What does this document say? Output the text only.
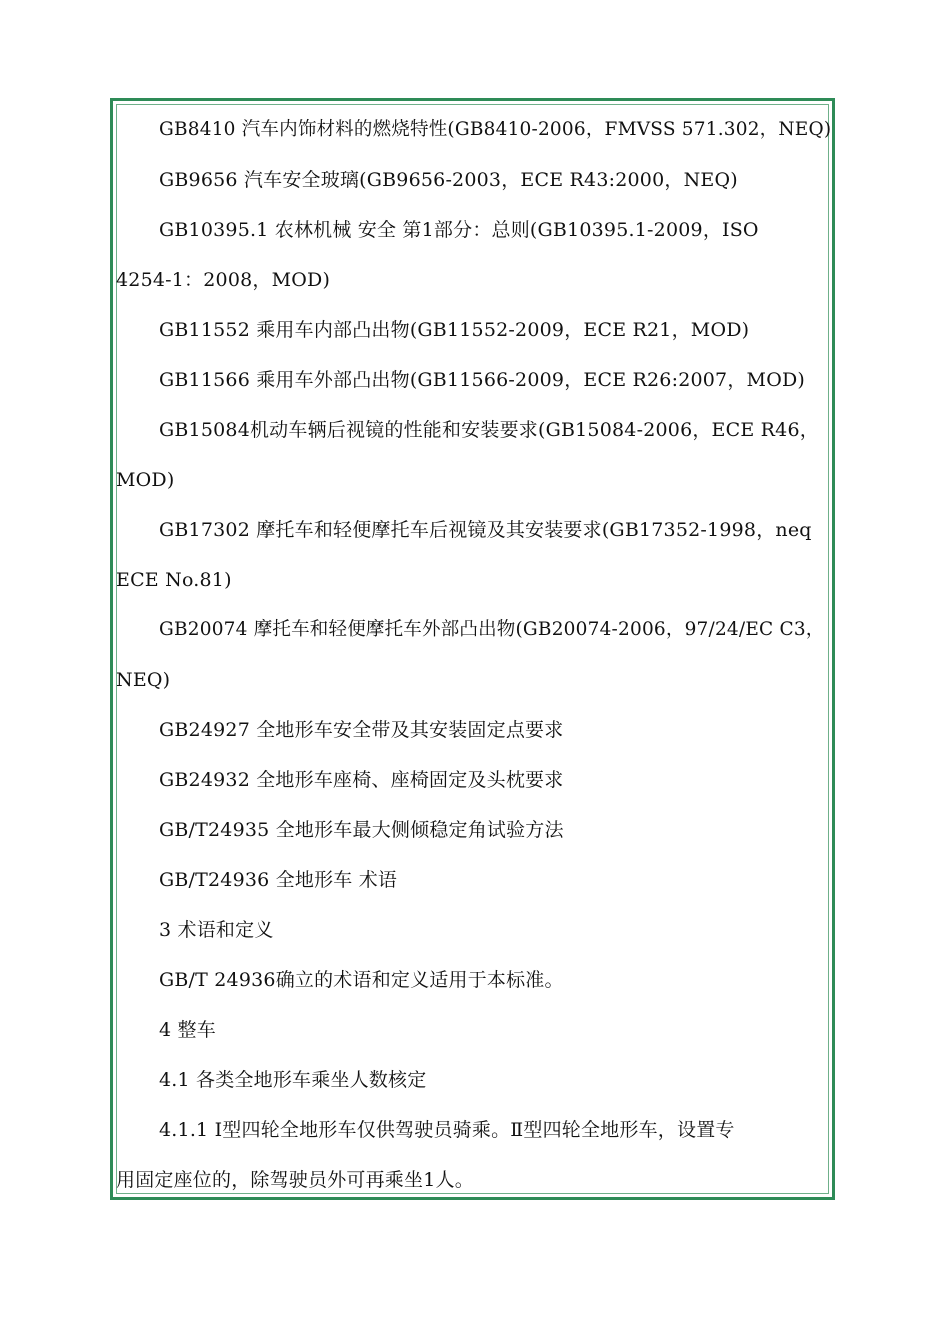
GB8410 汽车内饰材料的燃烧特性(GB8410-2006，FMVSS 571.302，NEQ)
GB9656 汽车安全玻璃(GB9656-2003，ECE R43:2000，NEQ)
GB10395.1 农林机械 安全 第1部分：总则(GB10395.1-2009，ISO
4254-1：2008，MOD)
GB11552 乘用车内部凸出物(GB11552-2009，ECE R21，MOD)
GB11566 乘用车外部凸出物(GB11566-2009，ECE R26:2007，MOD)
GB15084机动车辆后视镜的性能和安装要求(GB15084-2006，ECE R46，
MOD)
GB17302 摩托车和轻便摩托车后视镜及其安装要求(GB17352-1998，neq
ECE No.81)
GB20074 摩托车和轻便摩托车外部凸出物(GB20074-2006，97/24/EC C3，
NEQ)
GB24927 全地形车安全带及其安装固定点要求
GB24932 全地形车座椅、座椅固定及头枕要求
GB/T24935 全地形车最大侧倾稳定角试验方法
GB/T24936 全地形车 术语
3 术语和定义
GB/T 24936确立的术语和定义适用于本标准。
4 整车
4.1 各类全地形车乘坐人数核定
4.1.1 Ⅰ型四轮全地形车仅供驾驶员骑乘。Ⅱ型四轮全地形车，设置专
用固定座位的，除驾驶员外可再乘坐1人。
